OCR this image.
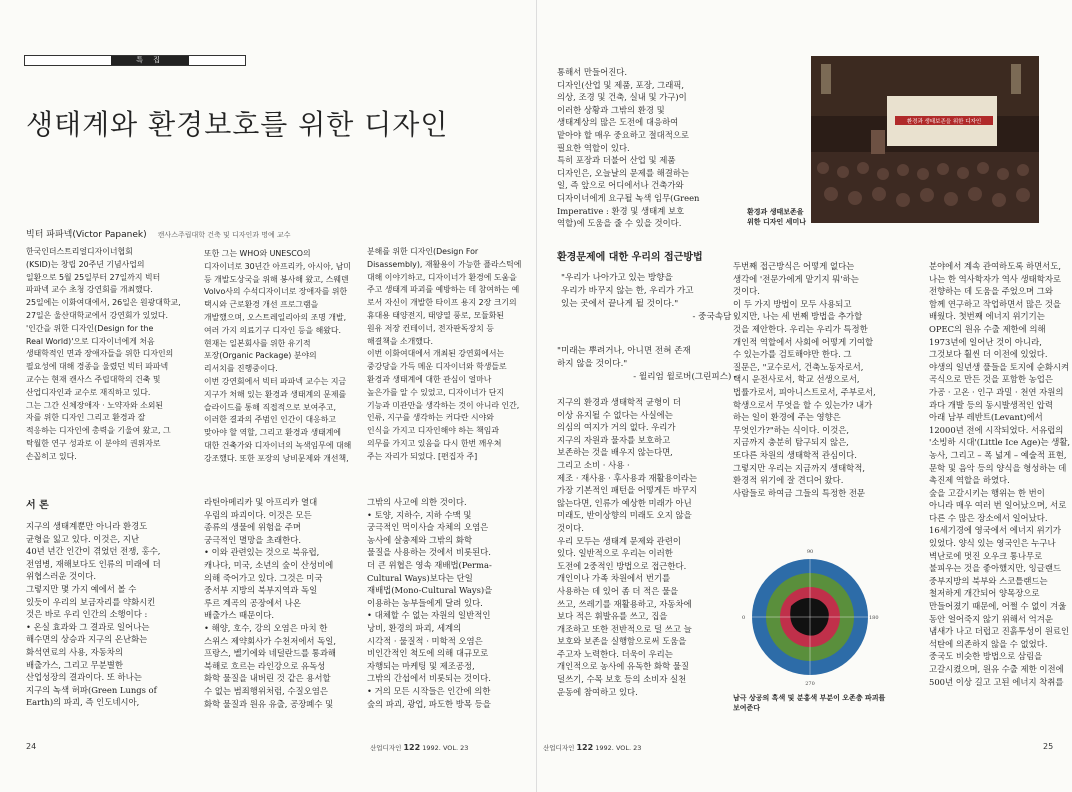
특 집
생태계와 환경보호를 위한 디자인
빅터 파파넥(Victor Papanek) 캔사스주립대학 건축 및 디자인과 명예 교수
한국인더스트리얼디자이너협회
(KSID)는 창립 20주년 기념사업의
일환으로 5월 25일부터 27일까지 빅터
파파넥 교수 초청 강연회를 개최했다.
25일에는 이화여대에서, 26일은 원광대학교,
27일은 울산대학교에서 강연회가 있었다.
'인간을 위한 디자인(Design for the
Real World)'으로 디자이너에게 처음
생태학적인 면과 장애자들을 위한 디자인의
필요성에 대해 경종을 울렸던 빅터 파파넥
교수는 현재 캔사스 주립대학의 건축 및
산업디자인과 교수로 재직하고 있다.
그는 그간 신체장애자 · 노약자와 소외된
자를 위한 디자인 그리고 환경과 잘
적응하는 디자인에 총력을 기울여 왔고, 그
탁월한 연구 성과로 이 분야의 권위자로
손꼽히고 있다.
또한 그는 WHO와 UNESCO의
디자이너로 30년간 아프리카, 아시아, 남미
등 개발도상국을 위해 봉사해 왔고, 스웨덴
Volvo사의 수석디자이너로 장애자를 위한
택시와 근로환경 개선 프로그램을
개발했으며, 오스트레일리아의 조명 개발,
여러 가지 의료기구 디자인 등을 해왔다.
현재는 일본회사를 위한 유기적
포장(Organic Package) 분야의
리서치를 진행중이다.
이번 강연회에서 빅터 파파넥 교수는 지금
지구가 처해 있는 환경과 생태계의 문제를
슬라이드를 통해 직접적으로 보여주고,
이러한 결과의 주범인 인간이 대응하고
맞아야 할 역할, 그리고 환경과 생태계에
대한 건축가와 디자이너의 녹색임무에 대해
강조했다. 또한 포장의 낭비문제와 개선책,
분해를 위한 디자인(Design For
Disassembly), 재활용이 가능한 플라스틱에
대해 이야기하고, 디자이너가 환경에 도움을
주고 생태계 파괴를 예방하는 데 참여하는 예
로서 자신이 개발한 타이프 용지 2장 크기의
휴대용 태양전지, 태양열 풍로, 모듈화된
원유 저장 컨테이너, 전자판독장치 등
해결책을 소개했다.
이번 이화여대에서 개최된 강연회에서는
중강당을 가득 메운 디자이너와 학생들로
환경과 생태계에 대한 관심이 얼마나
높은가를 알 수 있었고, 디자이너가 단지
기능과 미관만을 생각하는 것이 아니라 인간,
인류, 지구를 생각하는 커다란 시야와
인식을 가지고 디자인해야 하는 책임과
의무를 가지고 있음을 다시 한번 깨우쳐
주는 자리가 되었다. [편집자 주]
서 론
지구의 생태계뿐만 아니라 환경도
균형을 잃고 있다. 이것은, 지난
40년 년간 인간이 겪었던 전쟁, 홍수,
전염병, 재해보다도 인류의 미래에 더
위협스러운 것이다.
그렇지만 몇 가지 예에서 볼 수
있듯이 우리의 보금자리를 약화시킨
것은 바로 우리 인간의 소행이다 :
• 온실 효과와 그 결과로 일어나는
해수면의 상승과 지구의 온난화는
화석연료의 사용, 자동차의
배출가스, 그리고 무분별한
산업성장의 결과이다. 또 하나는
지구의 녹색 허파(Green Lungs of
Earth)의 파괴, 즉 인도네시아,
라틴아메리카 및 아프리카 열대
우림의 파괴이다. 이것은 모든
종류의 생물에 위험을 주며
궁극적인 멸망을 초래한다.
• 이와 관련있는 것으로 북유럽,
캐나다, 미국, 소년의 숲이 산성비에
의해 죽어가고 있다. 그것은 미국
중서부 지방의 북부지역과 독일
루르 계곡의 공장에서 나온
배출가스 때문이다.
• 해양, 호수, 강의 오염은 마치 한
스위스 제약회사가 수천저에서 독일,
프랑스, 벨기에와 네덜란드를 통과해
북해로 흐르는 라인강으로 유독성
화학 물질을 내버린 것 같은 용서할
수 없는 범죄행위처럼, 수질오염은
화학 물질과 원유 유출, 공장폐수 및
그밖의 사고에 의한 것이다.
• 토양, 지하수, 지하 수맥 및
궁극적인 먹이사슬 자체의 오염은
농사에 살충제와 그밖의 화학
물질을 사용하는 것에서 비롯된다.
더 큰 위협은 영속 재배법(Perma-
Cultural Ways)보다는 단일
재배법(Mono-Cultural Ways)을
이용하는 농부들에게 달려 있다.
• 대체할 수 없는 자원의 일반적인
낭비, 환경의 파괴, 세계의
시각적 · 물질적 · 미학적 오염은
비인간적인 척도에 의해 대규모로
자행되는 마케팅 및 제조공정,
그밖의 간섭에서 비롯되는 것이다.
• 거의 모든 시작들은 인간에 의한
숲의 파괴, 광업, 파도한 방목 등을
24	산업디자인 122 1992. VOL. 23
통해서 만들어진다.
디자인(산업 및 제품, 포장, 그래픽,
의상, 조경 및 건축, 실내 및 가구)이
이러한 상황과 그밖의 환경 및
생태계상의 많은 도전에 대응하여
맡아야 할 매우 중요하고 절대적으로
필요한 역할이 있다.
특히 포장과 더불어 산업 및 제품
디자인은, 오늘날의 문제를 해결하는
일, 즉 앞으로 어디에서나 건축가와
디자이너에게 요구될 녹색 임무(Green
Imperative : 환경 및 생태계 보호
역할)에 도움을 줄 수 있을 것이다.
환경문제에 대한 우리의 접근방법
"우리가 나아가고 있는 방향을
우리가 바꾸지 않는 한, 우리가 가고
있는 곳에서 끝나게 될 것이다."
- 중국속담 -
"미래는 뿌려거나, 아니면 전혀 존재
하지 않을 것이다."
- 윌리엄 윌로버(그린피스) -
지구의 환경과 생태학적 균형이 더
이상 유지될 수 없다는 사실에는
의심의 여지가 거의 없다. 우리가
지구의 자원과 물자를 보호하고
보존하는 것을 배우지 않는다면,
그리고 소비 · 사용 ·
제조 · 재사용 · 후사용과 재활용이라는
가장 기본적인 패턴을 어떻게든 바꾸지
않는다면, 인류가 예상한 미래가 아닌
미래도, 반이상향의 미래도 오지 않을
것이다.
우리 모두는 생태계 문제와 관련이
있다. 일반적으로 우리는 이러한
도전에 2중적인 방법으로 접근한다.
개인이나 가족 차원에서 번기를
사용하는 데 있어 좀 더 적은 물을
쓰고, 쓰레기를 재활용하고, 자동차에
보다 적은 휘발유를 쓰고, 집을
개조하고 또한 전반적으로 덜 쓰고 늘
보호와 보존을 실행함으로써 도움을
주고자 노력한다. 더욱이 우리는
개인적으로 농사에 유독한 화학 물질
덜쓰기, 수목 보호 등의 소비자 실천
운동에 참여하고 있다.
두번째 접근방식은 어떻게 없다는
생각에 '전문가에게 맡기지 뭐'하는
것이다.
이 두 가지 방법이 모두 사용되고
있지만, 나는 세 번째 방법을 추가할
것을 제안한다. 우리는 우리가 특정한
개인적 역할에서 사회에 어떻게 기여할
수 있는가를 검토해야만 한다. 그
질문은, "교수로서, 건축노동자로서,
택시 운전사로서, 학교 선생으로서,
법률가로서, 피아니스트로서, 주부로서,
학생으로서 무엇을 할 수 있는가? 내가
하는 일이 환경에 주는 영향은
무엇인가?"하는 식이다. 이것은,
지금까지 충분히 탐구되지 않은,
또다른 차원의 생태학적 관심이다.
그렇지만 우리는 지금까지 생태학적,
환경적 위기에 잘 견디어 왔다.
사람들로 하여금 그들의 특정한 전문
분야에서 계속 관여하도록 하면서도,
나는 한 역사학자가 역사 생태학자로
전향하는 데 도움을 주었으며 그와
함께 연구하고 작업하면서 많은 것을
배웠다. 첫번째 에너지 위기기는
OPEC의 원유 수출 제한에 의해
1973년에 일어난 것이 아니라,
그것보다 훨씬 더 이전에 있었다.
야생의 일년생 풀들을 토지에 순화시켜
곡식으로 만든 것을 포함한 농업은
가공 · 고온 · 인구 과밀 · 천연 자원의
과다 개발 등의 동시발생적인 압력
아래 남부 레반트(Levant)에서
12000년 전에 시작되었다. 서유럽의
'소빙하 시대'(Little Ice Age)는 생활,
농사, 그리고 – 폭 넓게 – 예술적 표현,
문학 및 음악 등의 양식을 형성하는 데
촉진제 역할을 하였다.
숲을 고갈시키는 행위는 한 번이
아니라 매우 여러 번 일어났으며, 서로
다른 수 많은 장소에서 일어났다.
16세기경에 영국에서 에너지 위기가
있었다. 양식 있는 영국인은 누구나
벽난로에 멋진 오우크 통나무로
불피우는 것을 좋아했지만, 잉글랜드
중부지방의 북부와 스코틀랜드는
철저하게 개간되어 양목장으로
만들어졌기 때문에, 어쩔 수 없이 겨울
동안 얼어죽지 않기 위해서 억겨운
냄새가 나고 더럽고 진흙투성이 원료인
석탄에 의존하지 않을 수 없었다.
중국도 비슷한 방법으로 삼림을
고갈시켰으며, 원유 수출 제한 이전에
500년 이상 길고 고된 에너지 착취를
환경과 생태보존을
위한 디자인 세미나
남극 상공의 흑색 및 분홍색 부분이 오존층 파괴를
보여준다
산업디자인 122 1992. VOL. 23	25
환경과 생태보존을 위한 디자인
90
0	180
270
